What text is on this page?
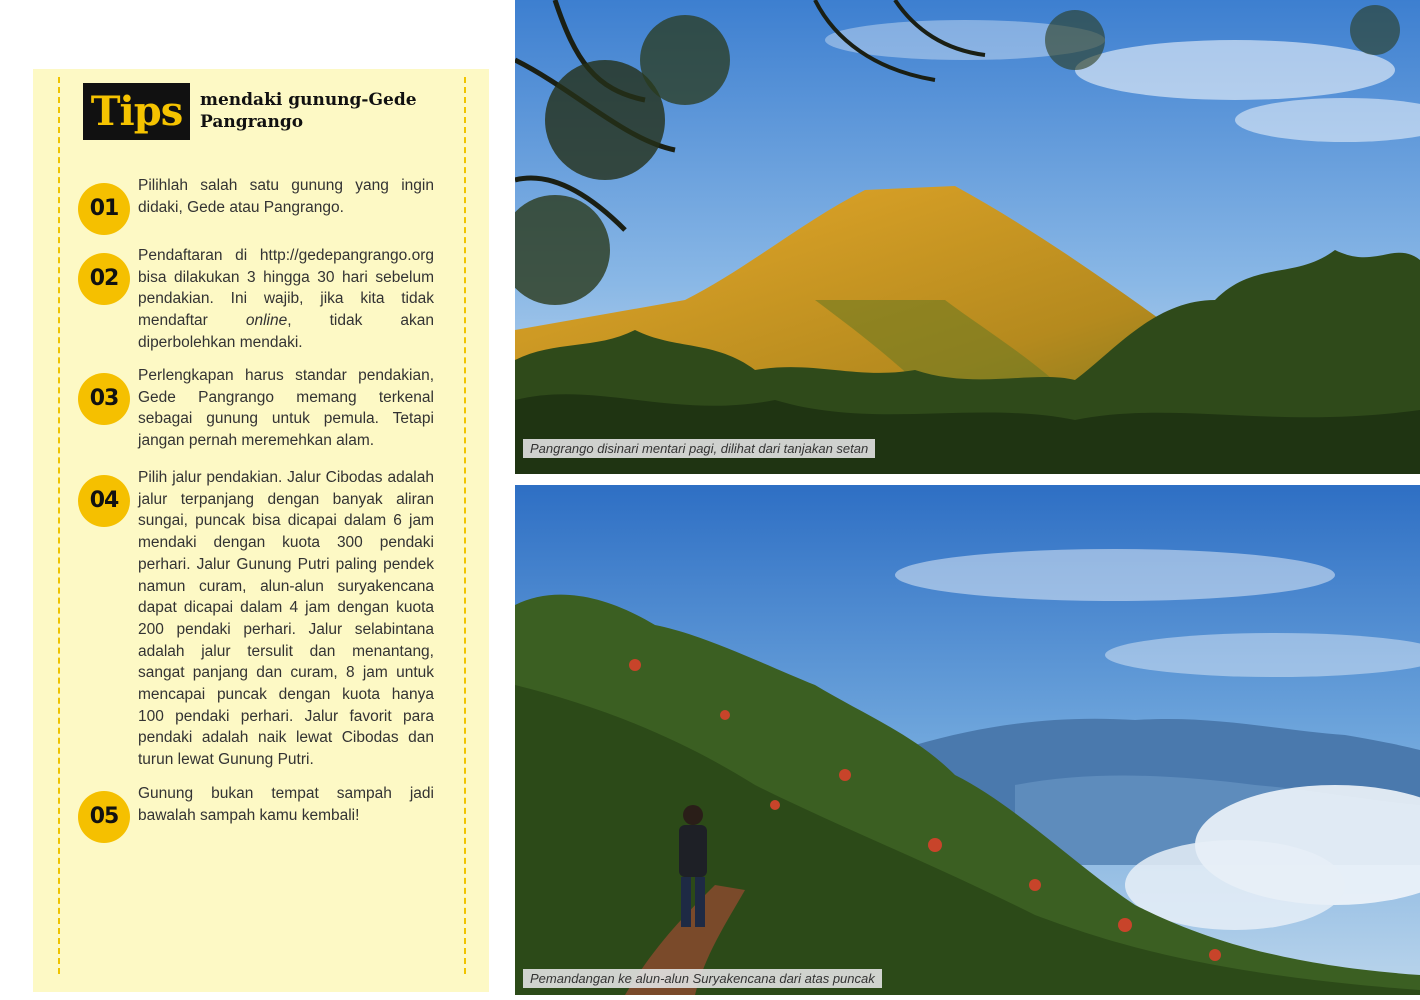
Tips	mendaki gunung-Gede Pangrango
01

Pilihlah salah satu gunung yang ingin didaki, Gede atau Pangrango.

02

Pendaftaran di http://gedepangrango.org bisa dilakukan 3 hingga 30 hari sebelum pendakian. Ini wajib, jika kita tidak mendaftar online, tidak akan diperbolehkan mendaki.

03

Perlengkapan harus standar pendakian, Gede Pangrango memang terkenal sebagai gunung untuk pemula. Tetapi jangan pernah meremehkan alam.

04

Pilih jalur pendakian. Jalur Cibodas adalah jalur terpanjang dengan banyak aliran sungai, puncak bisa dicapai dalam 6 jam mendaki dengan kuota 300 pendaki perhari. Jalur Gunung Putri paling pendek namun curam, alun-alun suryakencana dapat dicapai dalam 4 jam dengan kuota 200 pendaki perhari. Jalur selabintana adalah jalur tersulit dan menantang, sangat panjang dan curam, 8 jam untuk mencapai puncak dengan kuota hanya 100 pendaki perhari. Jalur favorit para pendaki adalah naik lewat Cibodas dan turun lewat Gunung Putri.

05

Gunung bukan tempat sampah jadi bawalah sampah kamu kembali!

Pangrango disinari mentari pagi, dilihat dari tanjakan setan
Pemandangan ke alun-alun Suryakencana dari atas puncak
